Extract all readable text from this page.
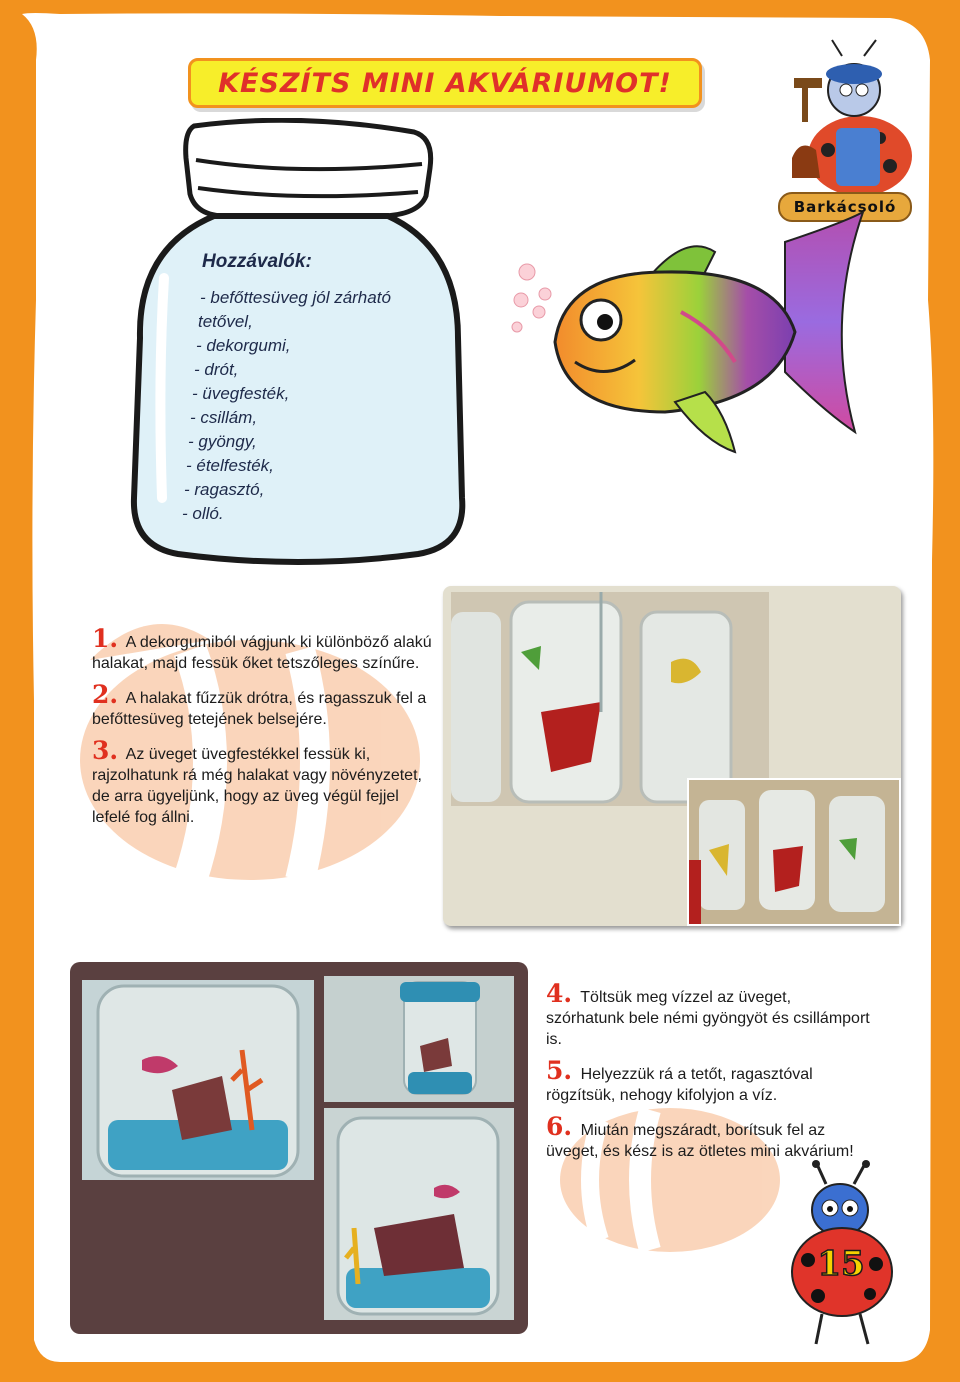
KÉSZÍTS MINI AKVÁRIUMOT!
Barkácsoló
Hozzávalók:
- befőttesüveg jól zárható
tetővel,
- dekorgumi,
- drót,
- üvegfesték,
- csillám,
- gyöngy,
- ételfesték,
- ragasztó,
- olló.
1. A dekorgumiból vágjunk ki különböző alakú halakat, majd fessük őket tetszőleges színűre.
2. A halakat fűzzük drótra, és ragasszuk fel a befőttesüveg tetejének belsejére.
3. Az üveget üvegfestékkel fessük ki, rajzolhatunk rá még halakat vagy növényzetet, de arra ügyeljünk, hogy az üveg végül fejjel lefelé fog állni.
4. Töltsük meg vízzel az üveget, szórhatunk bele némi gyöngyöt és csillámport is.
5. Helyezzük rá a tetőt, ragasztóval rögzítsük, nehogy kifolyjon a víz.
6. Miután megszáradt, borítsuk fel az üveget, és kész is az ötletes mini akvárium!
15
